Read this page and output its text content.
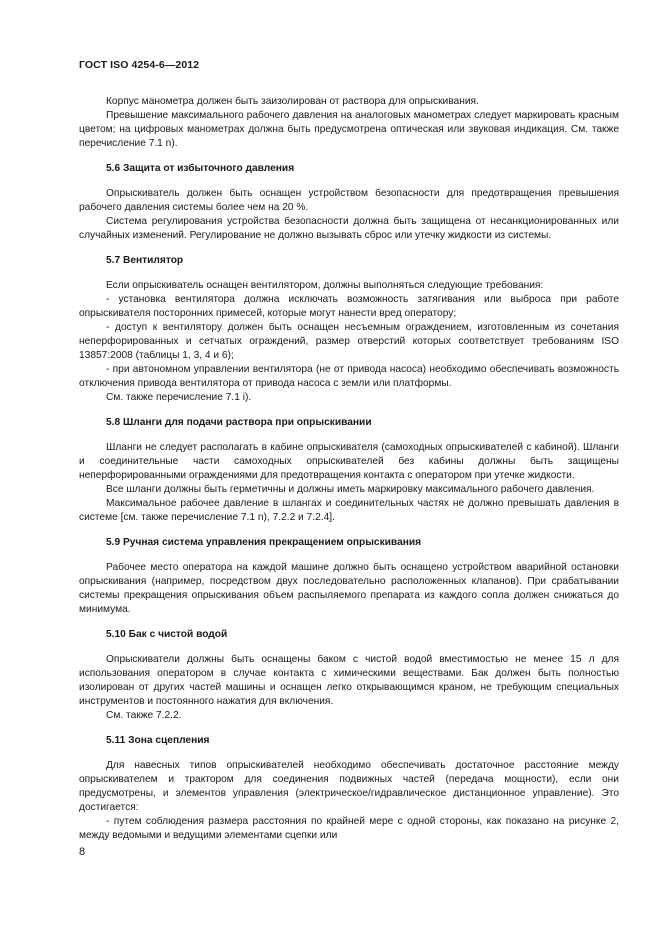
ГОСТ ISO 4254-6—2012

Корпус манометра должен быть заизолирован от раствора для опрыскивания.

Превышение максимального рабочего давления на аналоговых манометрах следует маркировать красным цветом; на цифровых манометрах должна быть предусмотрена оптическая или звуковая индикация. См. также перечисление 7.1 n).

5.6 Защита от избыточного давления

Опрыскиватель должен быть оснащен устройством безопасности для предотвращения превышения рабочего давления системы более чем на 20 %.

Система регулирования устройства безопасности должна быть защищена от несанкционированных или случайных изменений. Регулирование не должно вызывать сброс или утечку жидкости из системы.

5.7 Вентилятор

Если опрыскиватель оснащен вентилятором, должны выполняться следующие требования:

- установка вентилятора должна исключать возможность затягивания или выброса при работе опрыскивателя посторонних примесей, которые могут нанести вред оператору;

- доступ к вентилятору должен быть оснащен несъемным ограждением, изготовленным из сочетания неперфорированных и сетчатых ограждений, размер отверстий которых соответствует требованиям ISO 13857:2008 (таблицы 1, 3, 4 и 6);

- при автономном управлении вентилятора (не от привода насоса) необходимо обеспечивать возможность отключения привода вентилятора от привода насоса с земли или платформы.

См. также перечисление 7.1 i).

5.8 Шланги для подачи раствора при опрыскивании

Шланги не следует располагать в кабине опрыскивателя (самоходных опрыскивателей с кабиной). Шланги и соединительные части самоходных опрыскивателей без кабины должны быть защищены неперфорированными ограждениями для предотвращения контакта с оператором при утечке жидкости.

Все шланги должны быть герметичны и должны иметь маркировку максимального рабочего давления.

Максимальное рабочее давление в шлангах и соединительных частях не должно превышать давления в системе [см. также перечисление 7.1 n), 7.2.2 и 7.2.4].

5.9 Ручная система управления прекращением опрыскивания

Рабочее место оператора на каждой машине должно быть оснащено устройством аварийной остановки опрыскивания (например, посредством двух последовательно расположенных клапанов). При срабатывании системы прекращения опрыскивания объем распыляемого препарата из каждого сопла должен снижаться до минимума.

5.10 Бак с чистой водой

Опрыскиватели должны быть оснащены баком с чистой водой вместимостью не менее 15 л для использования оператором в случае контакта с химическими веществами. Бак должен быть полностью изолирован от других частей машины и оснащен легко открывающимся краном, не требующим специальных инструментов и постоянного нажатия для включения.

См. также 7.2.2.

5.11 Зона сцепления

Для навесных типов опрыскивателей необходимо обеспечивать достаточное расстояние между опрыскивателем и трактором для соединения подвижных частей (передача мощности), если они предусмотрены, и элементов управления (электрическое/гидравлическое дистанционное управление). Это достигается:

- путем соблюдения размера расстояния по крайней мере с одной стороны, как показано на рисунке 2, между ведомыми и ведущими элементами сцепки или

8
